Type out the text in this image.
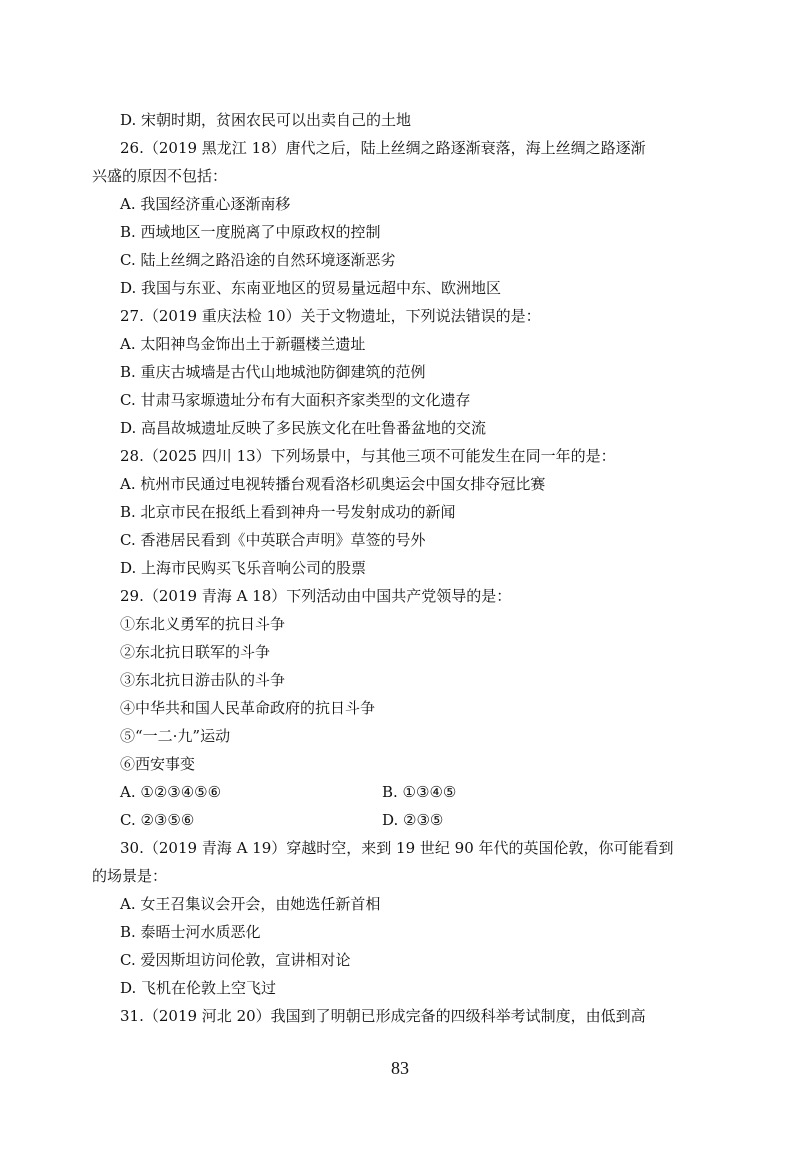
D. 宋朝时期，贫困农民可以出卖自己的土地
26.（2019 黑龙江 18）唐代之后，陆上丝绸之路逐渐衰落，海上丝绸之路逐渐
兴盛的原因不包括：
A. 我国经济重心逐渐南移
B. 西域地区一度脱离了中原政权的控制
C. 陆上丝绸之路沿途的自然环境逐渐恶劣
D. 我国与东亚、东南亚地区的贸易量远超中东、欧洲地区
27.（2019 重庆法检 10）关于文物遗址，下列说法错误的是：
A. 太阳神鸟金饰出土于新疆楼兰遗址
B. 重庆古城墙是古代山地城池防御建筑的范例
C. 甘肃马家塬遗址分布有大面积齐家类型的文化遗存
D. 高昌故城遗址反映了多民族文化在吐鲁番盆地的交流
28.（2025 四川 13）下列场景中，与其他三项不可能发生在同一年的是：
A. 杭州市民通过电视转播台观看洛杉矶奥运会中国女排夺冠比赛
B. 北京市民在报纸上看到神舟一号发射成功的新闻
C. 香港居民看到《中英联合声明》草签的号外
D. 上海市民购买飞乐音响公司的股票
29.（2019 青海 A 18）下列活动由中国共产党领导的是：
①东北义勇军的抗日斗争
②东北抗日联军的斗争
③东北抗日游击队的斗争
④中华共和国人民革命政府的抗日斗争
⑤“一二·九”运动
⑥西安事变
A. ①②③④⑤⑥	B. ①③④⑤
C. ②③⑤⑥	D. ②③⑤
30.（2019 青海 A 19）穿越时空，来到 19 世纪 90 年代的英国伦敦，你可能看到
的场景是：
A. 女王召集议会开会，由她选任新首相
B. 泰晤士河水质恶化
C. 爱因斯坦访问伦敦，宣讲相对论
D. 飞机在伦敦上空飞过
31.（2019 河北 20）我国到了明朝已形成完备的四级科举考试制度，由低到高
83
